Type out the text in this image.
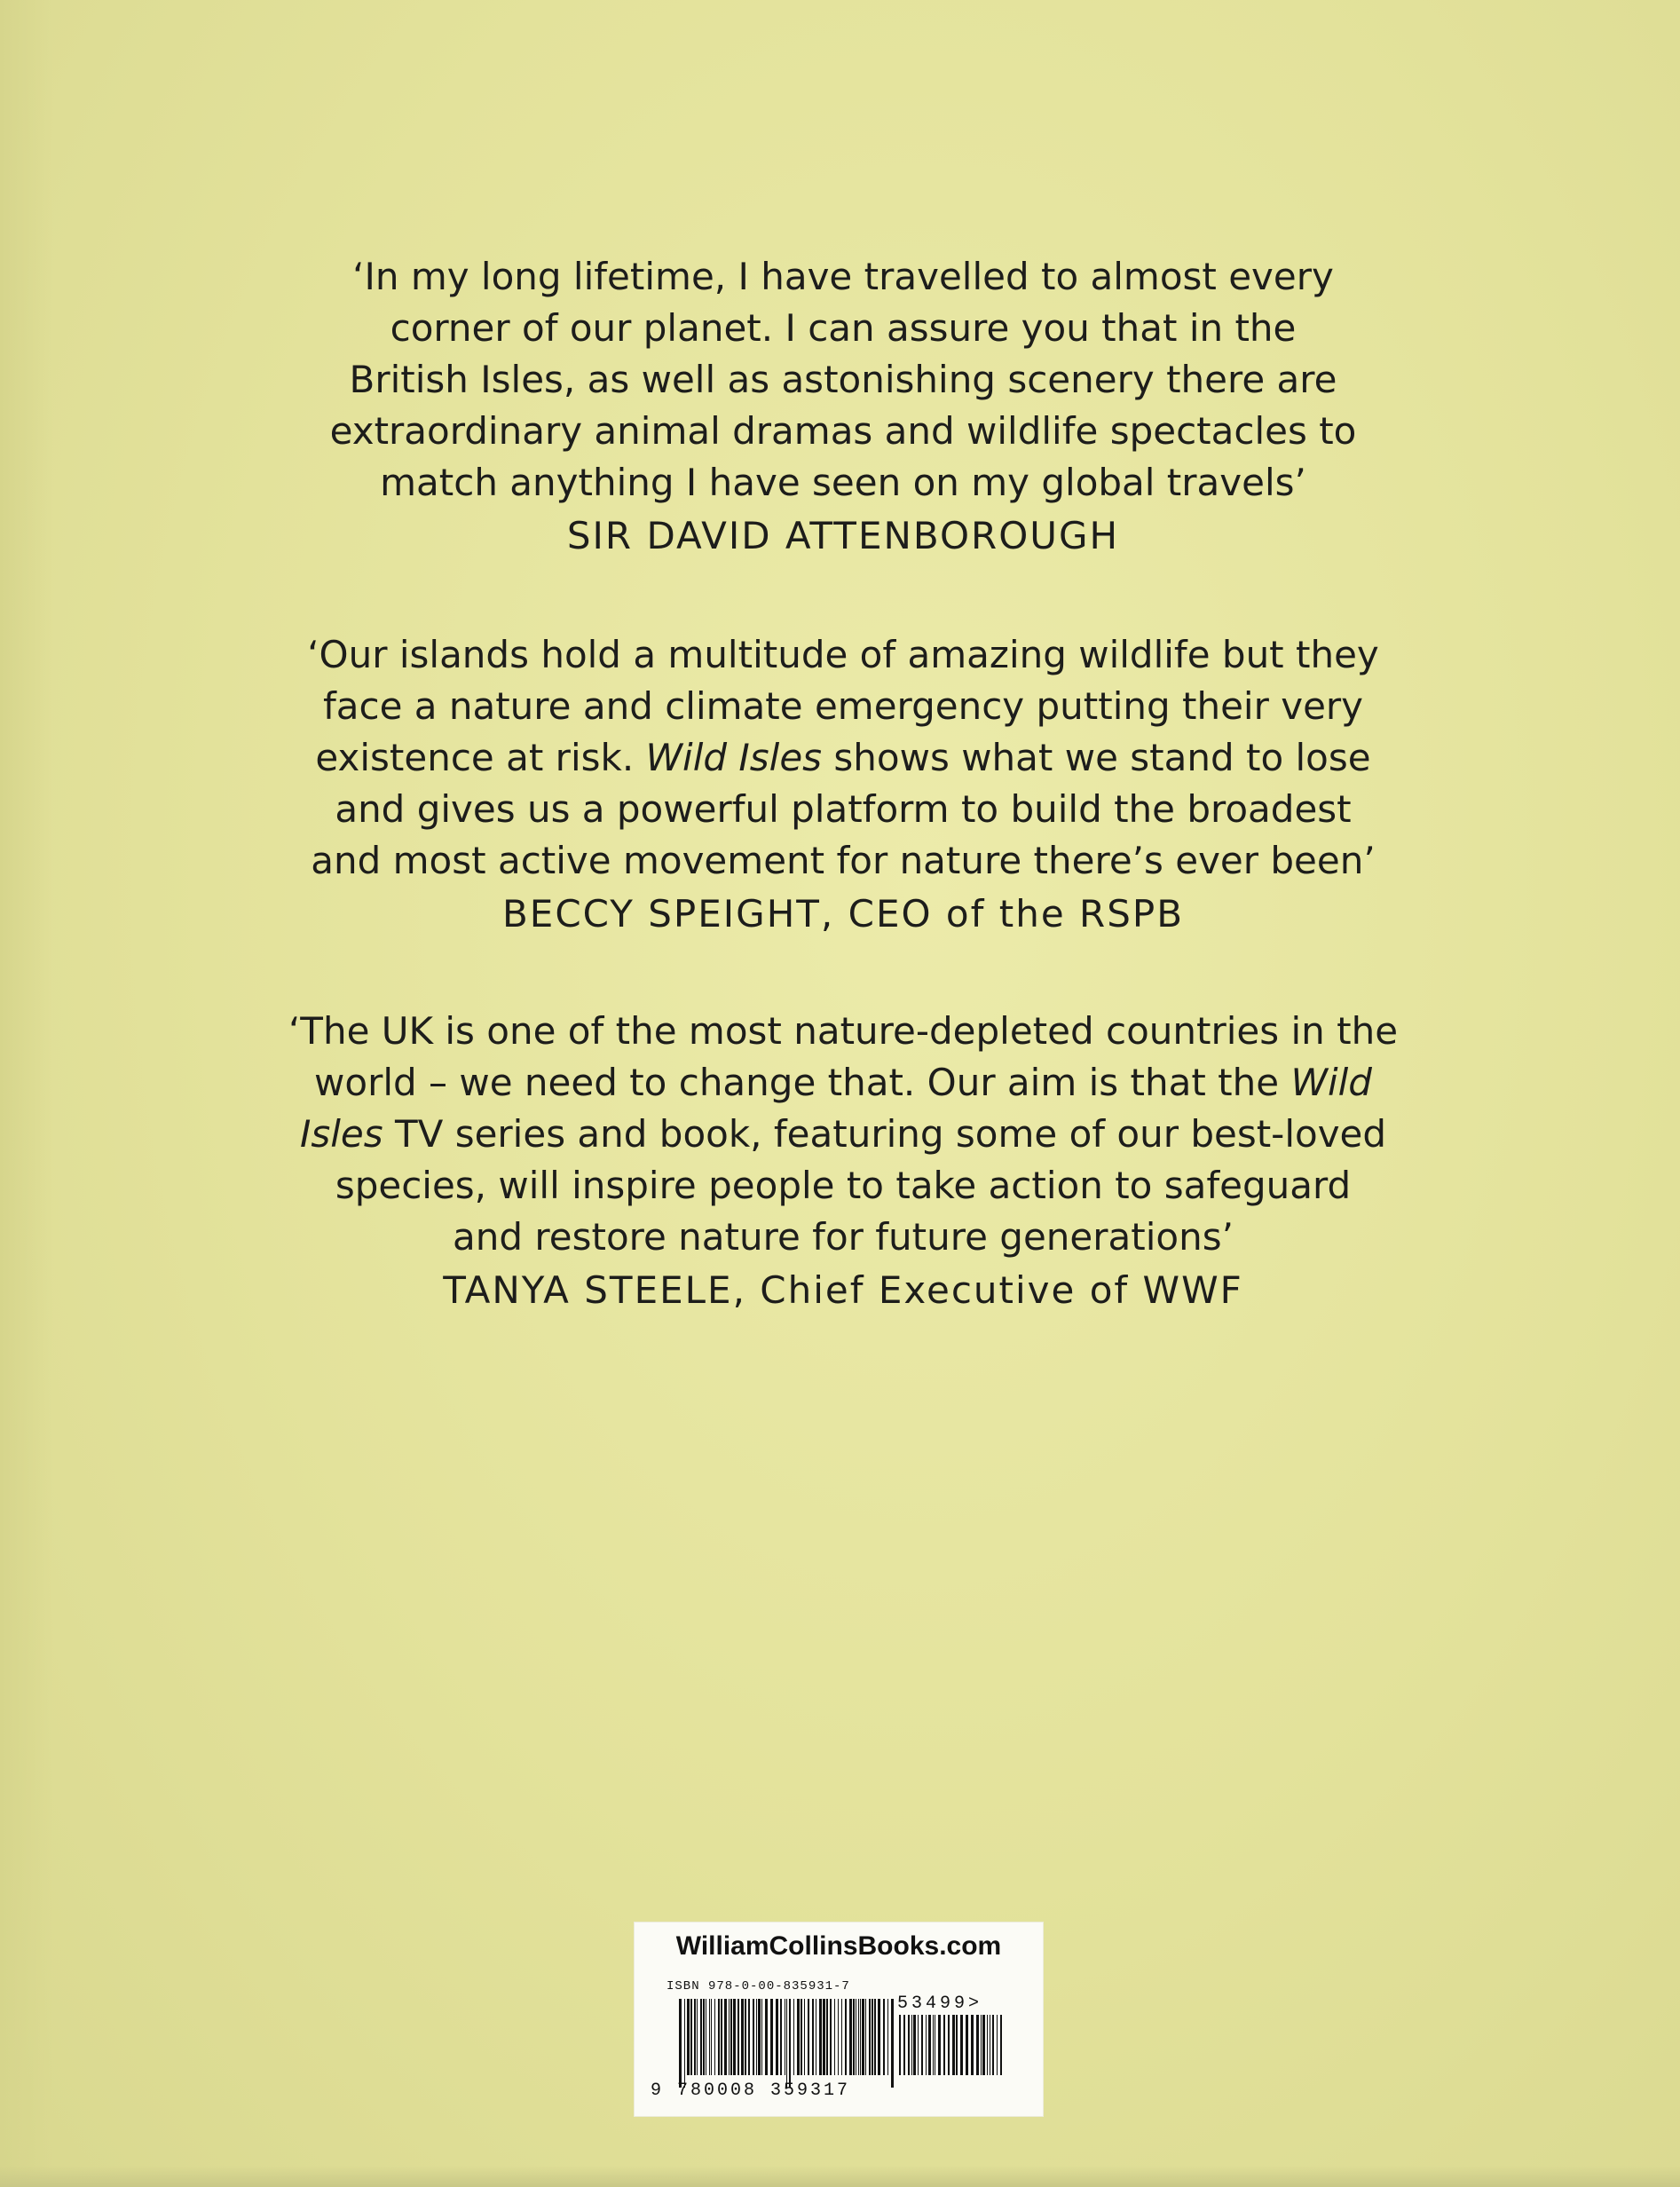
‘In my long lifetime, I have travelled to almost every
corner of our planet. I can assure you that in the
British Isles, as well as astonishing scenery there are
extraordinary animal dramas and wildlife spectacles to
match anything I have seen on my global travels’

SIR DAVID ATTENBOROUGH

‘Our islands hold a multitude of amazing wildlife but they
face a nature and climate emergency putting their very
existence at risk. Wild Isles shows what we stand to lose
and gives us a powerful platform to build the broadest
and most active movement for nature there’s ever been’

BECCY SPEIGHT, CEO of the RSPB

‘The UK is one of the most nature-depleted countries in the
world – we need to change that. Our aim is that the Wild
Isles TV series and book, featuring some of our best-loved
species, will inspire people to take action to safeguard
and restore nature for future generations’

TANYA STEELE, Chief Executive of WWF

WilliamCollinsBooks.com
ISBN 978-0-00-835931-7
9 780008 359317
53499>
